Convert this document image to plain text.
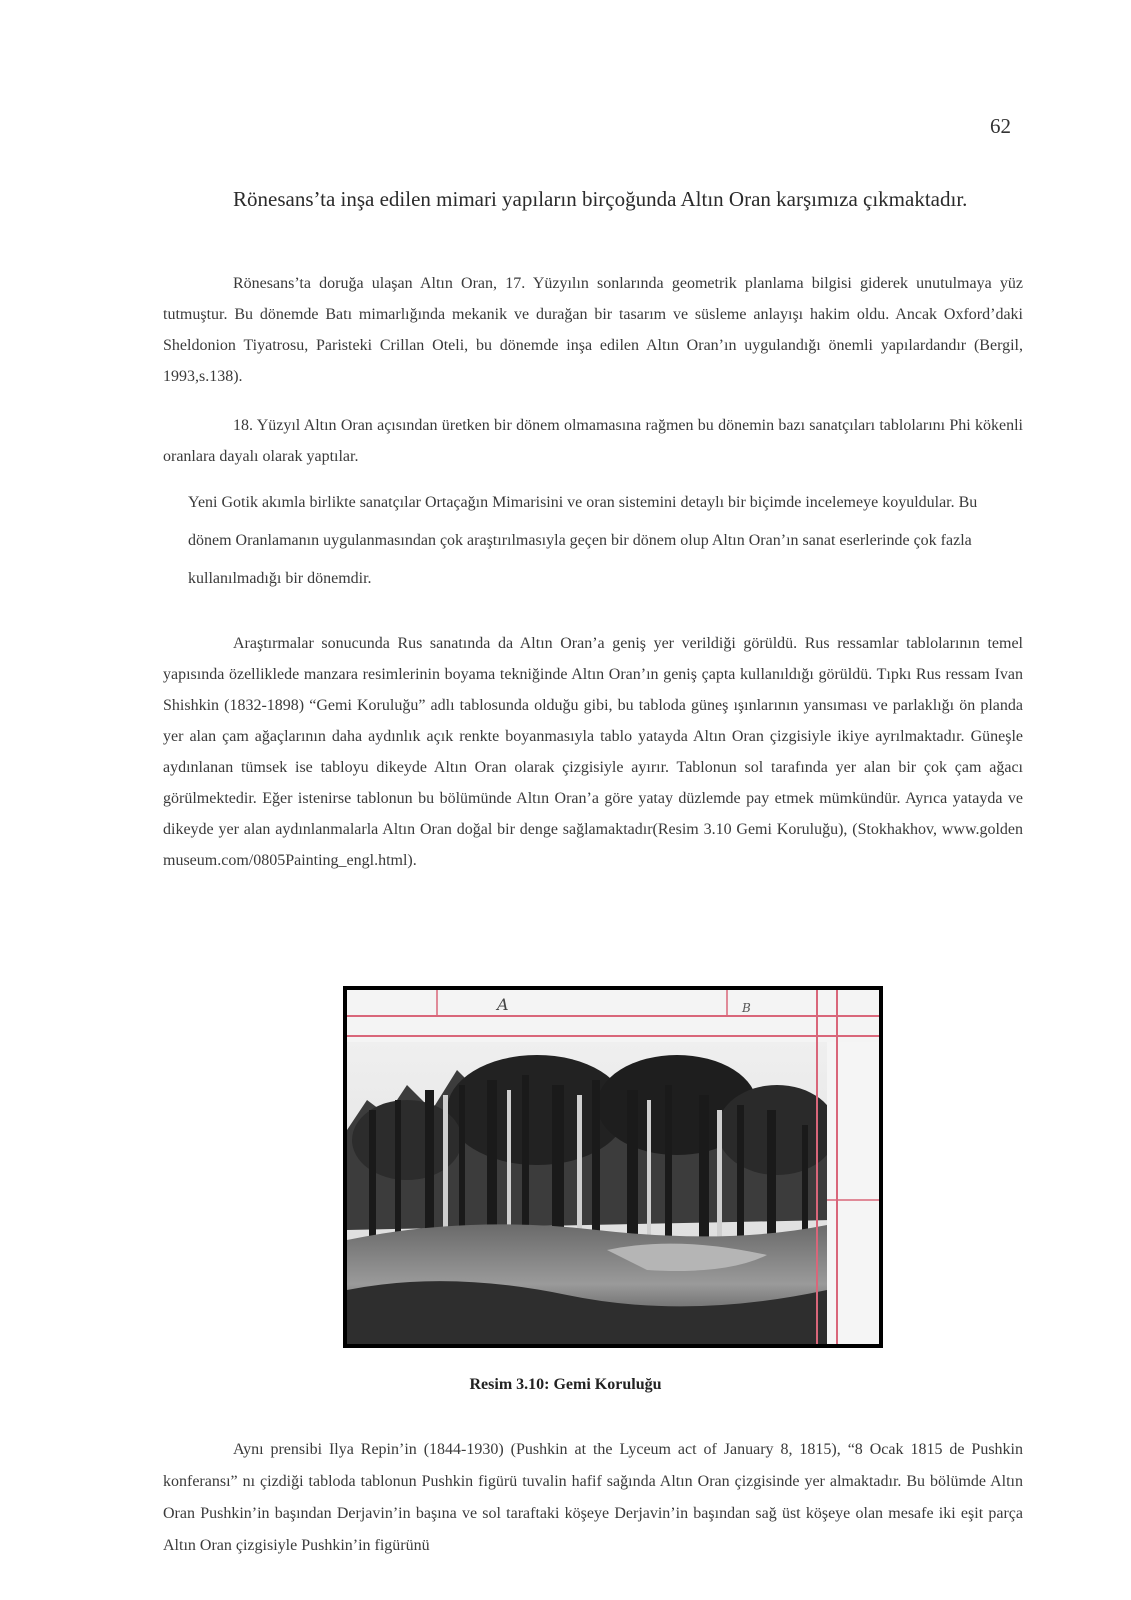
62

Rönesans’ta inşa edilen mimari yapıların birçoğunda Altın Oran karşımıza çıkmaktadır.

Rönesans’ta doruğa ulaşan Altın Oran, 17. Yüzyılın sonlarında geometrik planlama bilgisi giderek unutulmaya yüz tutmuştur. Bu dönemde Batı mimarlığında mekanik ve durağan bir tasarım ve süsleme anlayışı hakim oldu. Ancak Oxford’daki Sheldonion Tiyatrosu, Paristeki Crillan Oteli, bu dönemde inşa edilen Altın Oran’ın uygulandığı önemli yapılardandır (Bergil, 1993,s.138).

18. Yüzyıl Altın Oran açısından üretken bir dönem olmamasına rağmen bu dönemin bazı sanatçıları tablolarını Phi kökenli oranlara dayalı olarak yaptılar.

Yeni Gotik akımla birlikte sanatçılar Ortaçağın Mimarisini ve oran sistemini detaylı bir biçimde incelemeye koyuldular. Bu dönem Oranlamanın uygulanmasından çok araştırılmasıyla geçen bir dönem olup Altın Oran’ın sanat eserlerinde çok fazla kullanılmadığı bir dönemdir.

Araştırmalar sonucunda Rus sanatında da Altın Oran’a geniş yer verildiği görüldü. Rus ressamlar tablolarının temel yapısında özelliklede manzara resimlerinin boyama tekniğinde Altın Oran’ın geniş çapta kullanıldığı görüldü. Tıpkı Rus ressam Ivan Shishkin (1832-1898) “Gemi Koruluğu” adlı tablosunda olduğu gibi, bu tabloda güneş ışınlarının yansıması ve parlaklığı ön planda yer alan çam ağaçlarının daha aydınlık açık renkte boyanmasıyla tablo yatayda Altın Oran çizgisiyle ikiye ayrılmaktadır. Güneşle aydınlanan tümsek ise tabloyu dikeyde Altın Oran olarak çizgisiyle ayırır. Tablonun sol tarafında yer alan bir çok çam ağacı görülmektedir. Eğer istenirse tablonun bu bölümünde Altın Oran’a göre yatay düzlemde pay etmek mümkündür. Ayrıca yatayda ve dikeyde yer alan aydınlanmalarla Altın Oran doğal bir denge sağlamaktadır(Resim 3.10 Gemi Koruluğu), (Stokhakhov, www.golden museum.com/0805Painting_engl.html).

A	B

Resim 3.10: Gemi Koruluğu

Aynı prensibi Ilya Repin’in (1844-1930) (Pushkin at the Lyceum act of January 8, 1815), “8 Ocak 1815 de Pushkin konferansı” nı çizdiği tabloda tablonun Pushkin figürü tuvalin hafif sağında Altın Oran çizgisinde yer almaktadır. Bu bölümde Altın Oran Pushkin’in başından Derjavin’in başına ve sol taraftaki köşeye Derjavin’in başından sağ üst köşeye olan mesafe iki eşit parça Altın Oran çizgisiyle Pushkin’in figürünü
